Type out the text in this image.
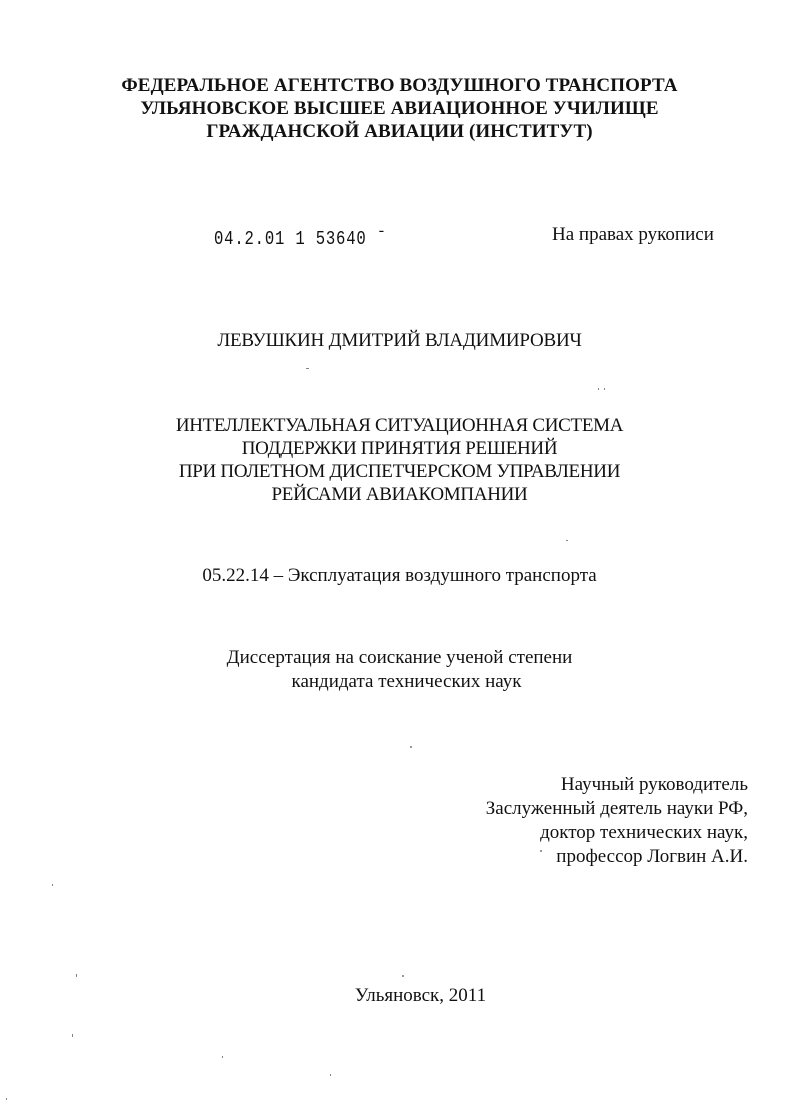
ФЕДЕРАЛЬНОЕ АГЕНТСТВО ВОЗДУШНОГО ТРАНСПОРТА
УЛЬЯНОВСКОЕ ВЫСШЕЕ АВИАЦИОННОЕ УЧИЛИЩЕ
ГРАЖДАНСКОЙ АВИАЦИИ (ИНСТИТУТ)
04.2.01 1 53640 ˉ	На правах рукописи
ЛЕВУШКИН ДМИТРИЙ ВЛАДИМИРОВИЧ
ИНТЕЛЛЕКТУАЛЬНАЯ СИТУАЦИОННАЯ СИСТЕМА
ПОДДЕРЖКИ ПРИНЯТИЯ РЕШЕНИЙ
ПРИ ПОЛЕТНОМ ДИСПЕТЧЕРСКОМ УПРАВЛЕНИИ
РЕЙСАМИ АВИАКОМПАНИИ
05.22.14 – Эксплуатация воздушного транспорта
Диссертация на соискание ученой степени
кандидата технических наук
Научный руководитель
Заслуженный деятель науки РФ,
доктор технических наук,
профессор Логвин А.И.
Ульяновск, 2011
